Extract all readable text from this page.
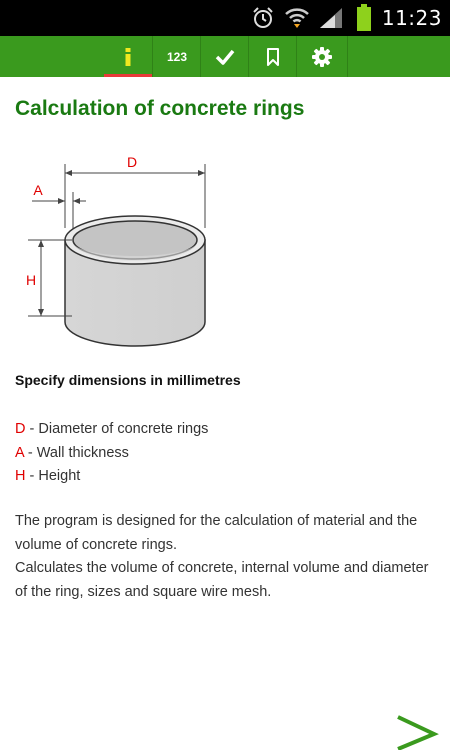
11:23
123
Calculation of concrete rings
D
A
H
Specify dimensions in millimetres
D - Diameter of concrete rings
A - Wall thickness
H - Height
The program is designed for the calculation of material and the volume of concrete rings.
Calculates the volume of concrete, internal volume and diameter of the ring, sizes and square wire mesh.
